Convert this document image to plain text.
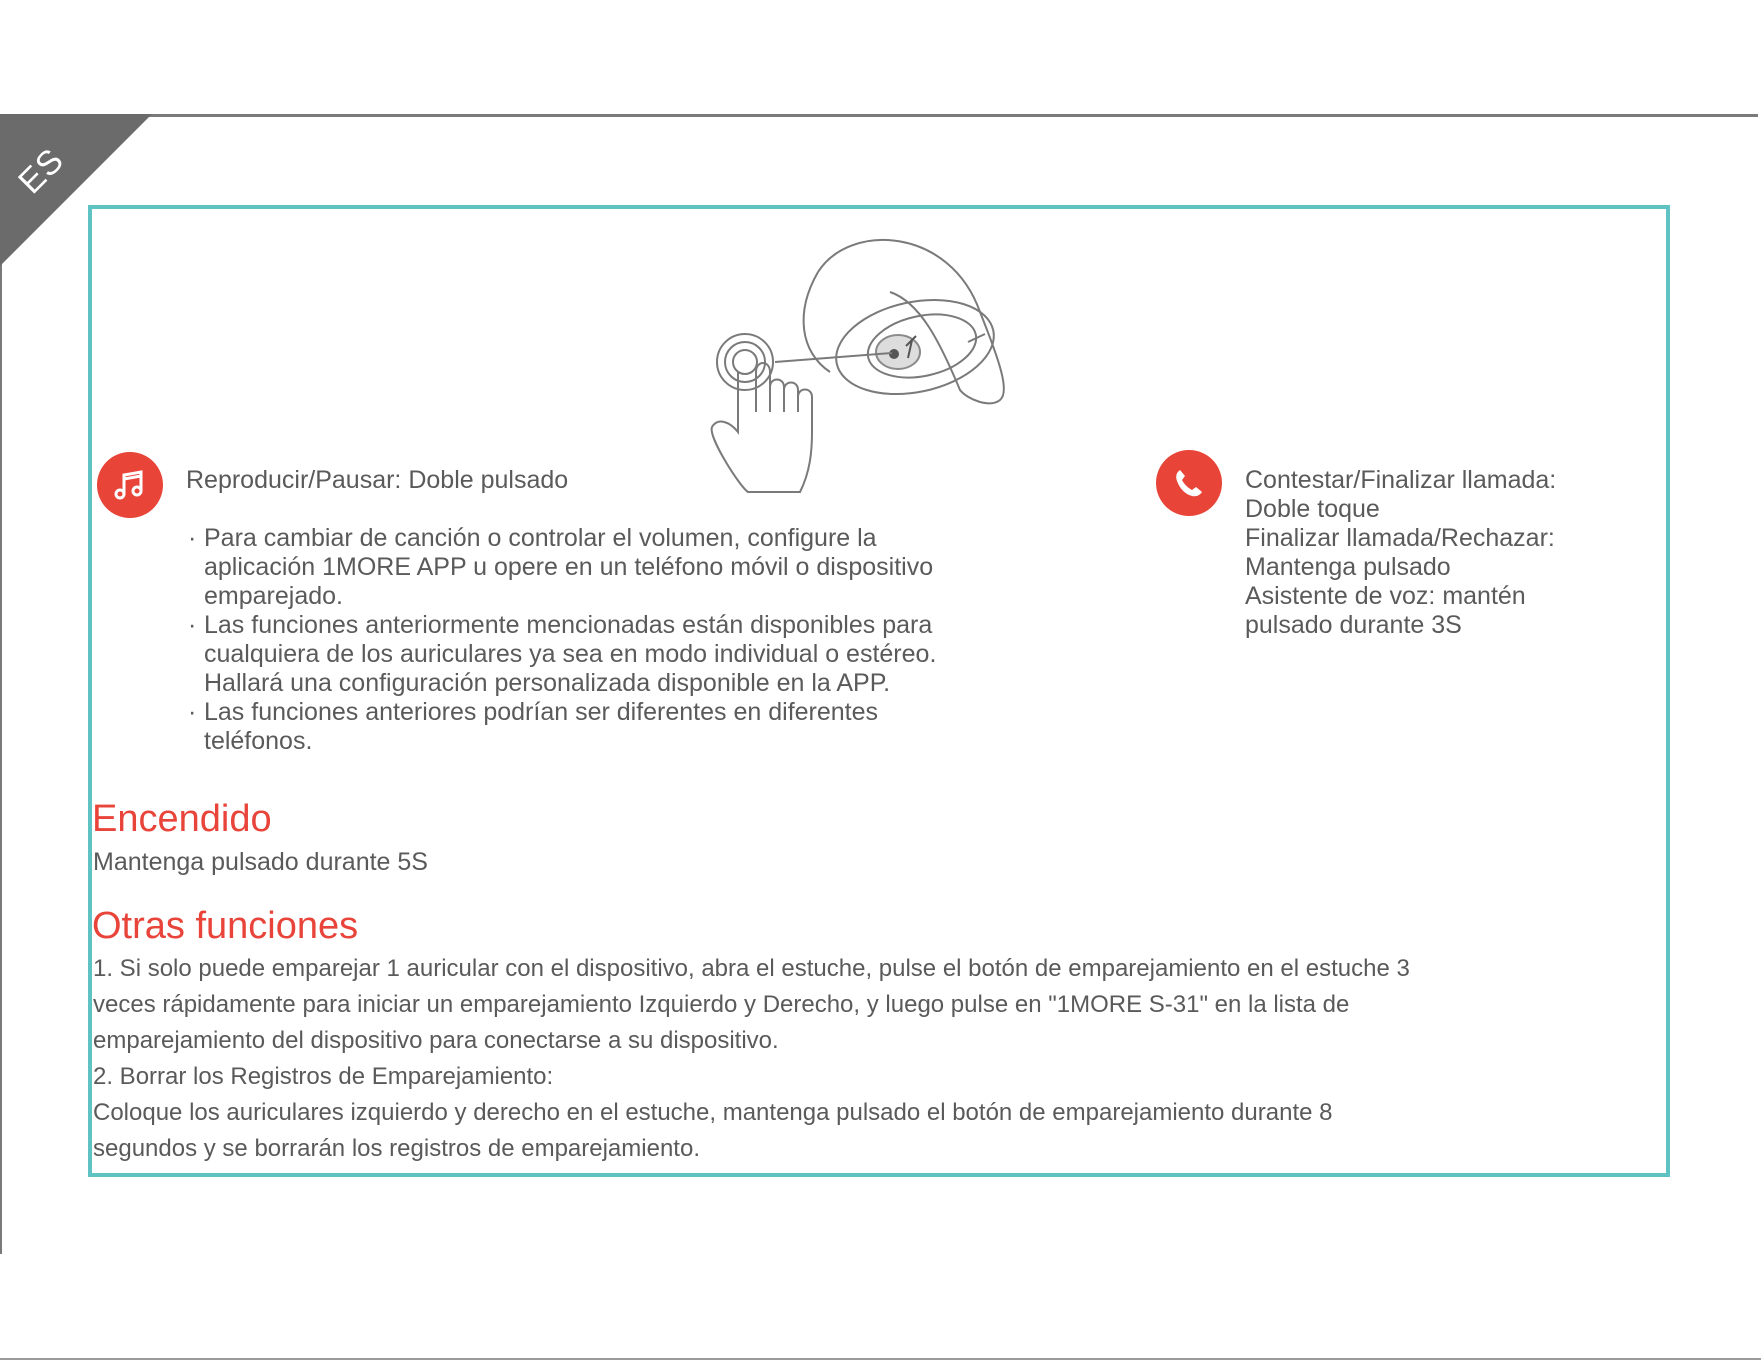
ES
Reproducir/Pausar: Doble pulsado
· Para cambiar de canción o controlar el volumen, configure la
aplicación 1MORE APP u opere en un teléfono móvil o dispositivo
emparejado.
· Las funciones anteriormente mencionadas están disponibles para
cualquiera de los auriculares ya sea en modo individual o estéreo.
Hallará una configuración personalizada disponible en la APP.
· Las funciones anteriores podrían ser diferentes en diferentes
teléfonos.
Contestar/Finalizar llamada:
Doble toque
Finalizar llamada/Rechazar:
Mantenga pulsado
Asistente de voz: mantén
pulsado durante 3S
Encendido
Mantenga pulsado durante 5S
Otras funciones
1. Si solo puede emparejar 1 auricular con el dispositivo, abra el estuche, pulse el botón de emparejamiento en el estuche 3
veces rápidamente para iniciar un emparejamiento Izquierdo y Derecho, y luego pulse en "1MORE S-31" en la lista de
emparejamiento del dispositivo para conectarse a su dispositivo.
2. Borrar los Registros de Emparejamiento:
Coloque los auriculares izquierdo y derecho en el estuche, mantenga pulsado el botón de emparejamiento durante 8
segundos y se borrarán los registros de emparejamiento.
